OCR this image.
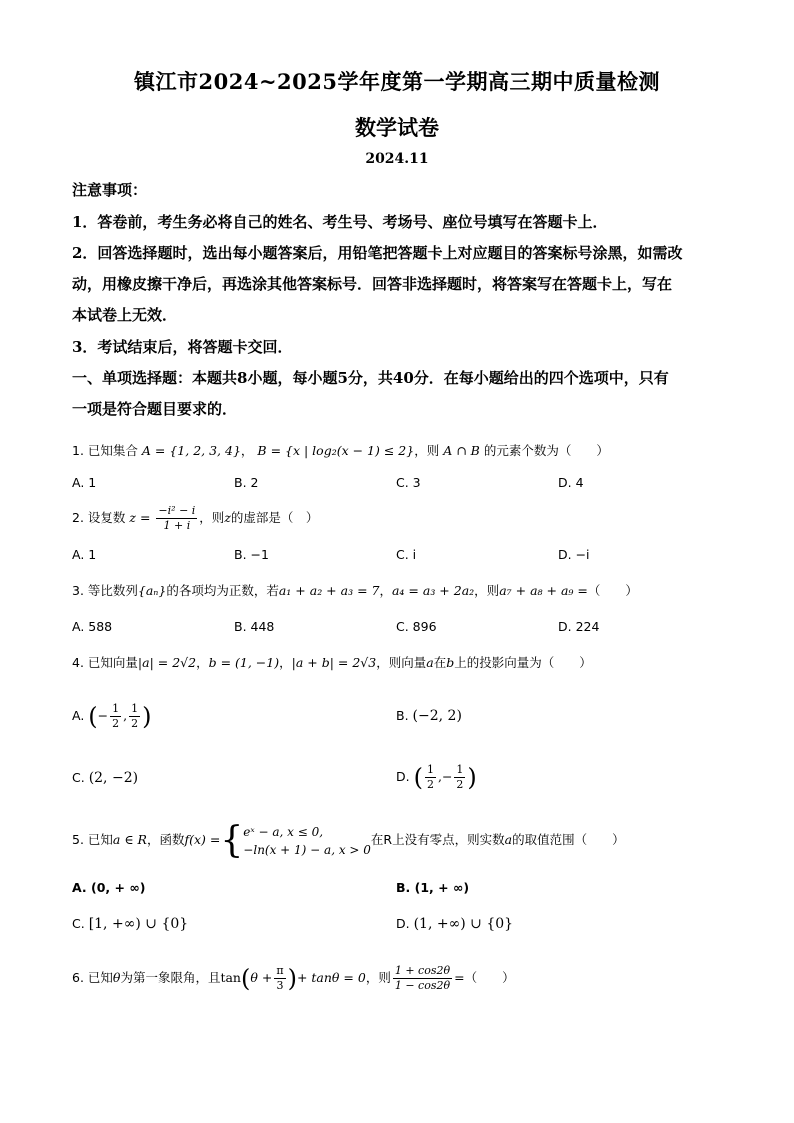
镇江市2024~2025学年度第一学期高三期中质量检测
数学试卷
2024.11
注意事项：
1．答卷前，考生务必将自己的姓名、考生号、考场号、座位号填写在答题卡上．
2．回答选择题时，选出每小题答案后，用铅笔把答题卡上对应题目的答案标号涂黑，如需改
动，用橡皮擦干净后，再选涂其他答案标号．回答非选择题时，将答案写在答题卡上，写在
本试卷上无效．
3．考试结束后，将答题卡交回．
一、单项选择题：本题共8小题，每小题5分，共40分．在每小题给出的四个选项中，只有
一项是符合题目要求的．
1. 已知集合 A = {1, 2, 3, 4}， B = {x | log₂(x − 1) ≤ 2}，则 A ∩ B 的元素个数为（　　）
A. 1	B. 2	C. 3	D. 4
2. 设复数 $z = \frac{\text{−i² − i}}{1 + i}$ ，则z的虚部是（　）
A. 1	B. −1	C. i	D. −i
3. 等比数列{aₙ}的各项均为正数，若a₁ + a₂ + a₃ = 7，a₄ = a₃ + 2a₂，则a₇ + a₈ + a₉ =（　　）
A. 588	B. 448	C. 896	D. 224
4. 已知向量|a| = 2√2，b = (1, −1)，|a + b| = 2√3，则向量a在b上的投影向量为（　　）
A. (− $\frac{1}{2}$ , $\frac{1}{2}$ )	B. (−2, 2)
C. (2, −2)	D. ( $\frac{1}{2}$ ,− $\frac{1}{2}$ )
5. 已知a ∈ R，函数f(x) ={ eˣ − a, x ≤ 0,
−ln(x + 1) − a, x > 0
在R上没有零点，则实数a的取值范围（　　）
A. (0, + ∞)	B. (1, + ∞)
C. [1, +∞) ∪ {0}	D. (1, +∞) ∪ {0}
6. 已知θ为第一象限角，且$\tan(\theta + \frac{\pi}{3}$ )+ tanθ = 0，则 $\frac{1 + \cos 2\theta}{1 - \cos 2\theta}$ =（　　）
